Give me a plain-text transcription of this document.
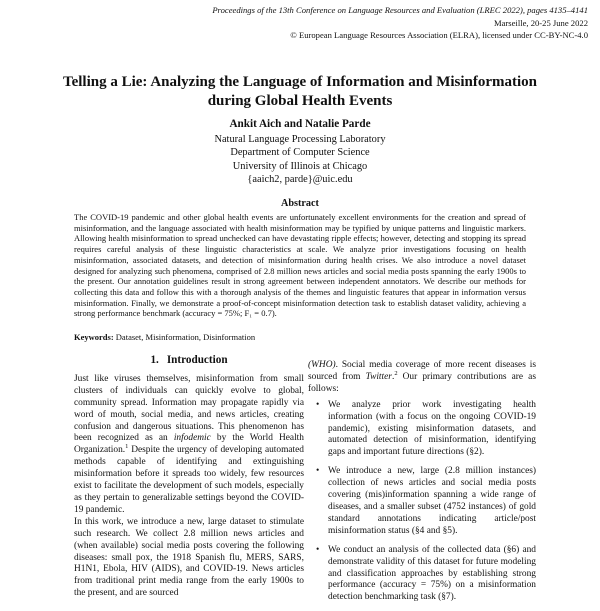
Proceedings of the 13th Conference on Language Resources and Evaluation (LREC 2022), pages 4135–4141
Marseille, 20-25 June 2022
© European Language Resources Association (ELRA), licensed under CC-BY-NC-4.0
Telling a Lie: Analyzing the Language of Information and Misinformation
during Global Health Events
Ankit Aich and Natalie Parde
Natural Language Processing Laboratory
Department of Computer Science
University of Illinois at Chicago
{aaich2, parde}@uic.edu
Abstract
The COVID-19 pandemic and other global health events are unfortunately excellent environments for the creation and spread of misinformation, and the language associated with health misinformation may be typified by unique patterns and linguistic markers. Allowing health misinformation to spread unchecked can have devastating ripple effects; however, detecting and stopping its spread requires careful analysis of these linguistic characteristics at scale. We analyze prior investigations focusing on health misinformation, associated datasets, and detection of misinformation during health crises. We also introduce a novel dataset designed for analyzing such phenomena, comprised of 2.8 million news articles and social media posts spanning the early 1900s to the present. Our annotation guidelines result in strong agreement between independent annotators. We describe our methods for collecting this data and follow this with a thorough analysis of the themes and linguistic features that appear in information versus misinformation. Finally, we demonstrate a proof-of-concept misinformation detection task to establish dataset validity, achieving a strong performance benchmark (accuracy = 75%; F₁ = 0.7).
Keywords: Dataset, Misinformation, Disinformation
1. Introduction

Just like viruses themselves, misinformation from small clusters of individuals can quickly evolve to global, community spread. Information may propagate rapidly via word of mouth, social media, and news articles, creating confusion and dangerous situations. This phenomenon has been recognized as an infodemic by the World Health Organization.$^1$ Despite the urgency of developing automated methods capable of identifying and extinguishing misinformation before it spreads too widely, few resources exist to facilitate the development of such models, especially as they pertain to generalizable settings beyond the COVID-19 pandemic.

In this work, we introduce a new, large dataset to stimulate such research. We collect 2.8 million news articles and (when available) social media posts covering the following diseases: small pox, the 1918 Spanish flu, MERS, SARS, H1N1, Ebola, HIV (AIDS), and COVID-19. News articles from traditional print media range from the early 1900s to the present, and are sourced

(WHO). Social media coverage of more recent diseases is sourced from Twitter.$^2$ Our primary contributions are as follows:

• We analyze prior work investigating health information (with a focus on the ongoing COVID-19 pandemic), existing misinformation datasets, and automated detection of misinformation, identifying gaps and important future directions (§2).
• We introduce a new, large (2.8 million instances) collection of news articles and social media posts covering (mis)information spanning a wide range of diseases, and a smaller subset (4752 instances) of gold standard annotations indicating article/post misinformation status (§4 and §5).
• We conduct an analysis of the collected data (§6) and demonstrate validity of this dataset for future modeling and classification approaches by establishing strong performance (accuracy = 75%) on a misinformation detection benchmarking task (§7).
